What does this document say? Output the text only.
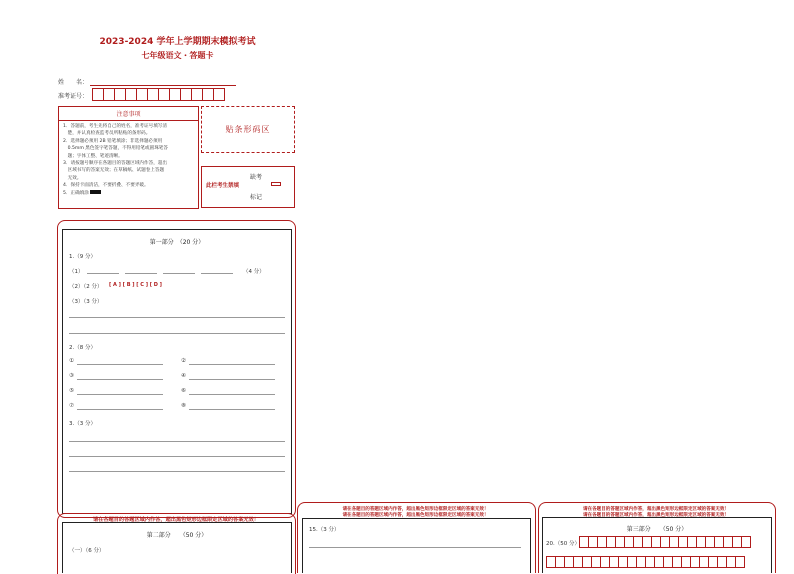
2023-2024 学年上学期期末模拟考试
七年级语文・答题卡
姓　　名：
准考证号：
注意事项
1．答题前，考生先将自己的姓名，准考证号填写清
　楚，并认真检查监考员所粘贴的条形码。
2．选择题必须用 2B 铅笔填涂；非选择题必须用
　0.5mm 黑色签字笔答题，不得用铅笔或圆珠笔答
　题；字体工整、笔迹清晰。
3．请按题号顺序在各题目的答题区域内作答，超出
　区域书写的答案无效；在草稿纸、试题卷上答题
　无效。
4．保持卡面清洁，不要折叠、不要弄破。
5．正确填涂
贴条形码区
缺考
此栏考生禁填
标记
第一部分　（20 分）
1.（9 分）
（1）	（4 分）
（2）（2 分） [ A ] [ B ] [ C ] [ D ]
（3）（3 分）
2.（8 分）
①	②
③	④
⑤	⑥
⑦	⑧
3.（3 分）
请在各题目的答题区域内作答，超出黑色矩形边框限定区域的答案无效！
第二部分　　（50 分）
（一）（6 分）
请在各题目的答题区域内作答，超出黑色矩形边框限定区域的答案无效！
请在各题目的答题区域内作答，超出黑色矩形边框限定区域的答案无效！
15.（3 分）
请在各题目的答题区域内作答，超出黑色矩形边框限定区域的答案无效！
请在各题目的答题区域内作答，超出黑色矩形边框限定区域的答案无效！
第三部分　　（50 分）
20.（50 分）
